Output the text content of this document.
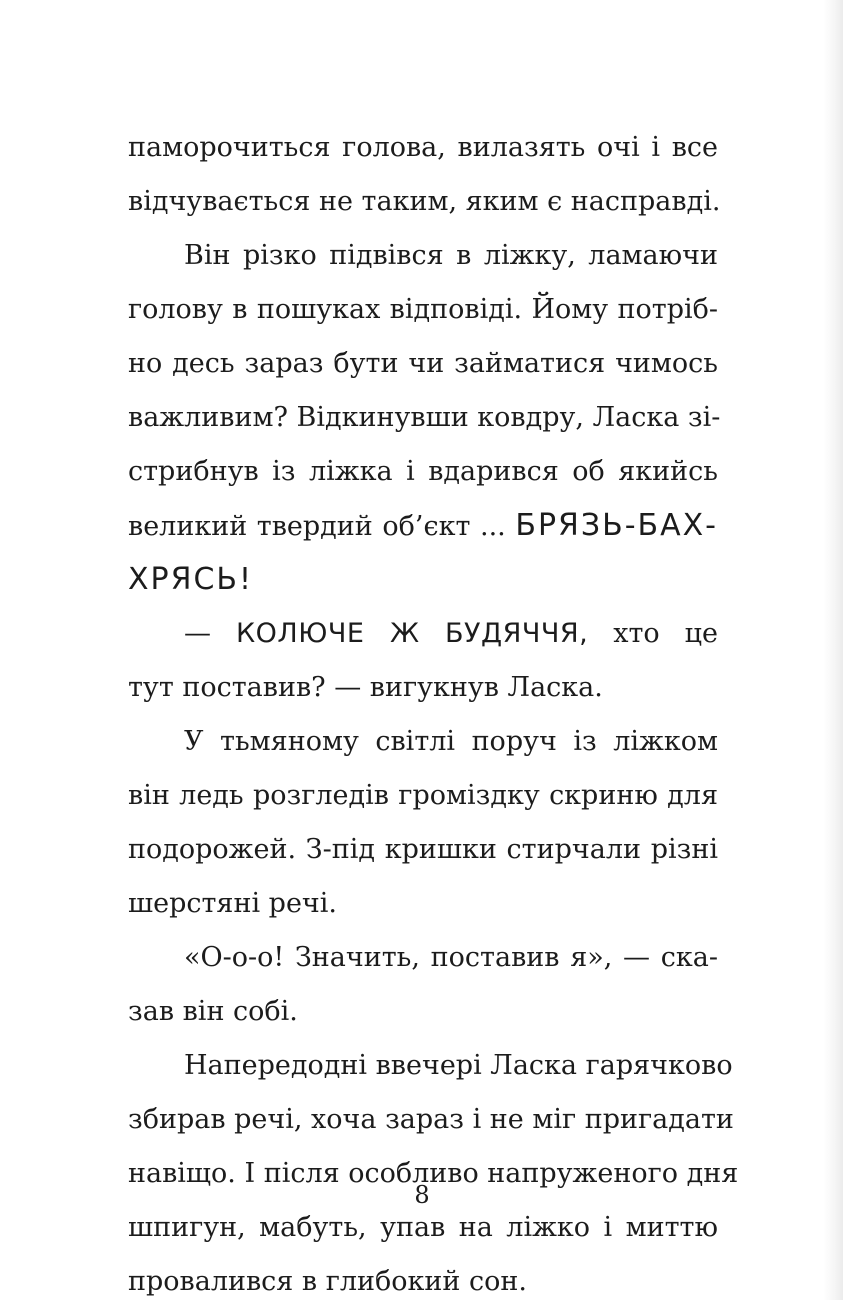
паморочиться голова, вилазять очі і все
відчувається не таким, яким є насправді.
Він різко підвівся в ліжку, ламаючи
голову в пошуках відповіді. Йому потріб-
но десь зараз бути чи займатися чимось
важливим? Відкинувши ковдру, Ласка зі-
стрибнув із ліжка і вдарився об якийсь
великий твердий об’єкт ... БРЯЗЬ-БАХ-
ХРЯСЬ!
— КОЛЮЧЕ Ж БУДЯЧЧЯ, хто це
тут поставив? — вигукнув Ласка.
У тьмяному світлі поруч із ліжком
він ледь розгледів громіздку скриню для
подорожей. З-під кришки стирчали різні
шерстяні речі.
«О-о-о! Значить, поставив я», — ска-
зав він собі.
Напередодні ввечері Ласка гарячково
збирав речі, хоча зараз і не міг пригадати
навіщо. І після особливо напруженого дня
шпигун, мабуть, упав на ліжко і миттю
провалився в глибокий сон.
8
